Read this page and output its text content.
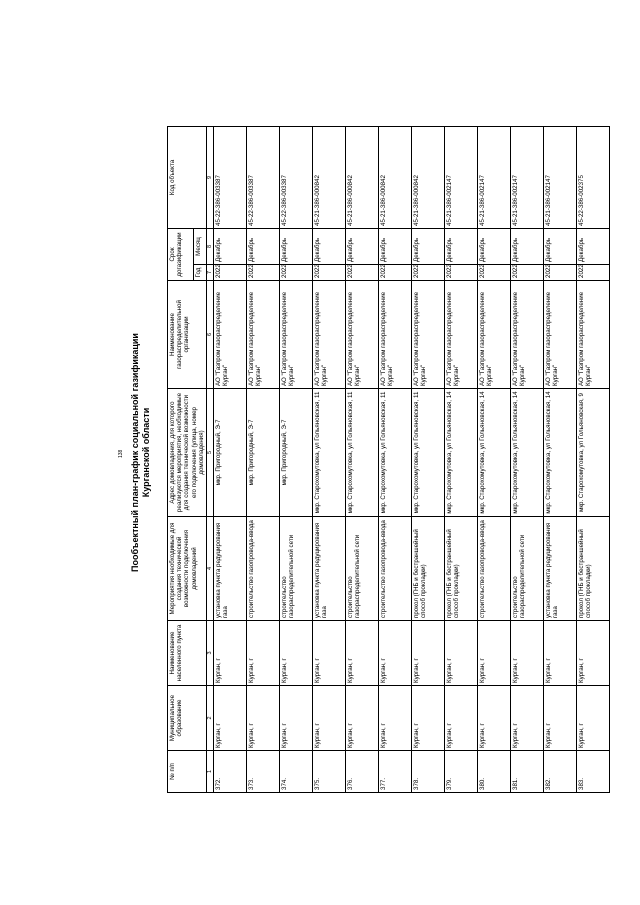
138 Пообъектный план-график социальной газификации Курганской области
№ п/п	Муниципальное образование	Наименование населенного пункта	Мероприятия необходимые для создания технической возможности подключения домовладений	Адрес домовладения, для которого реализуются мероприятия, необходимые для создания технической возможности его подключения (улица, номер домовладения)	Наименование газораспределительной организации	Срок догазификации		Код объекта
						Год	Месяц	
1	2	3	4	5	6	7	8	9
372.	Курган, г	Курган, г	установка пункта редуцирования газа	мкр. Пригородный, Э-7	АО "Газпром газораспределение Курган"	2022	Декабрь	45-22-386-003387
373.	Курган, г	Курган, г	строительство газопровода-ввода	мкр. Пригородный, Э-7	АО "Газпром газораспределение Курган"	2022	Декабрь	45-22-386-003387
374.	Курган, г	Курган, г	строительство газораспределительной сети	мкр. Пригородный, Э-7	АО "Газпром газораспределение Курган"	2022	Декабрь	45-22-386-003387
375.	Курган, г	Курган, г	установка пункта редуцирования газа	мкр. Старохомутовка, ул Гольяновская, 11	АО "Газпром газораспределение Курган"	2022	Декабрь	45-21-386-000842
376.	Курган, г	Курган, г	строительство газораспределительной сети	мкр. Старохомутовка, ул Гольяновская, 11	АО "Газпром газораспределение Курган"	2022	Декабрь	45-21-386-000842
377.	Курган, г	Курган, г	строительство газопровода-ввода	мкр. Старохомутовка, ул Гольяновская, 11	АО "Газпром газораспределение Курган"	2022	Декабрь	45-21-386-000842
378.	Курган, г	Курган, г	прокол (ГНБ и бестраншейный способ прокладки)	мкр. Старохомутовка, ул Гольяновская, 11	АО "Газпром газораспределение Курган"	2022	Декабрь	45-21-386-000842
379.	Курган, г	Курган, г	прокол (ГНБ и бестраншейный способ прокладки)	мкр. Старохомутовка, ул Гольяновская, 14	АО "Газпром газораспределение Курган"	2022	Декабрь	45-21-386-002147
380.	Курган, г	Курган, г	строительство газопровода-ввода	мкр. Старохомутовка, ул Гольяновская, 14	АО "Газпром газораспределение Курган"	2022	Декабрь	45-21-386-002147
381.	Курган, г	Курган, г	строительство газораспределительной сети	мкр. Старохомутовка, ул Гольяновская, 14	АО "Газпром газораспределение Курган"	2022	Декабрь	45-21-386-002147
382.	Курган, г	Курган, г	установка пункта редуцирования газа	мкр. Старохомутовка, ул Гольяновская, 14	АО "Газпром газораспределение Курган"	2022	Декабрь	45-21-386-002147
383.	Курган, г	Курган, г	прокол (ГНБ и бестраншейный способ прокладки)	мкр. Старохомутовка, ул Гольяновская, 9	АО "Газпром газораспределение Курган"	2022	Декабрь	45-22-386-002375
